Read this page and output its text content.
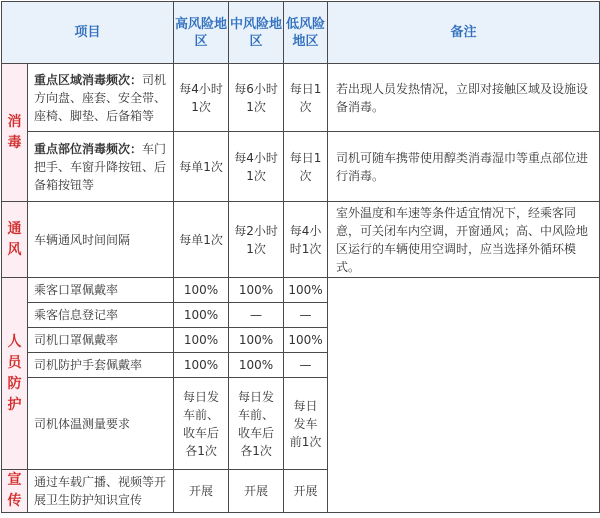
项目		高风险地区	中风险地区	低风险地区	备注

消
毒	重点区域消毒频次：司机方向盘、座套、安全带、座椅、脚垫、后备箱等	每4小时1次	每6小时1次	每日1次	若出现人员发热情况，立即对接触区域及设施设备消毒。
	重点部位消毒频次：车门把手、车窗升降按钮、后备箱按钮等	每单1次	每4小时1次	每日1次	司机可随车携带使用醇类消毒湿巾等重点部位进行消毒。

通
风	车辆通风时间间隔	每单1次	每2小时1次	每4小时1次	室外温度和车速等条件适宜情况下，经乘客同意，可关闭车内空调，开窗通风；高、中风险地区运行的车辆使用空调时，应当选择外循环模式。

人
员
防
护	乘客口罩佩戴率	100%	100%	100%	
	乘客信息登记率	100%	—	—	
	司机口罩佩戴率	100%	100%	100%	
	司机防护手套佩戴率	100%	100%	—	
	司机体温测量要求	每日发车前、收车后各1次	每日发车前、收车后各1次	每日发车前1次	

宣
传	通过车载广播、视频等开展卫生防护知识宣传	开展	开展	开展	
